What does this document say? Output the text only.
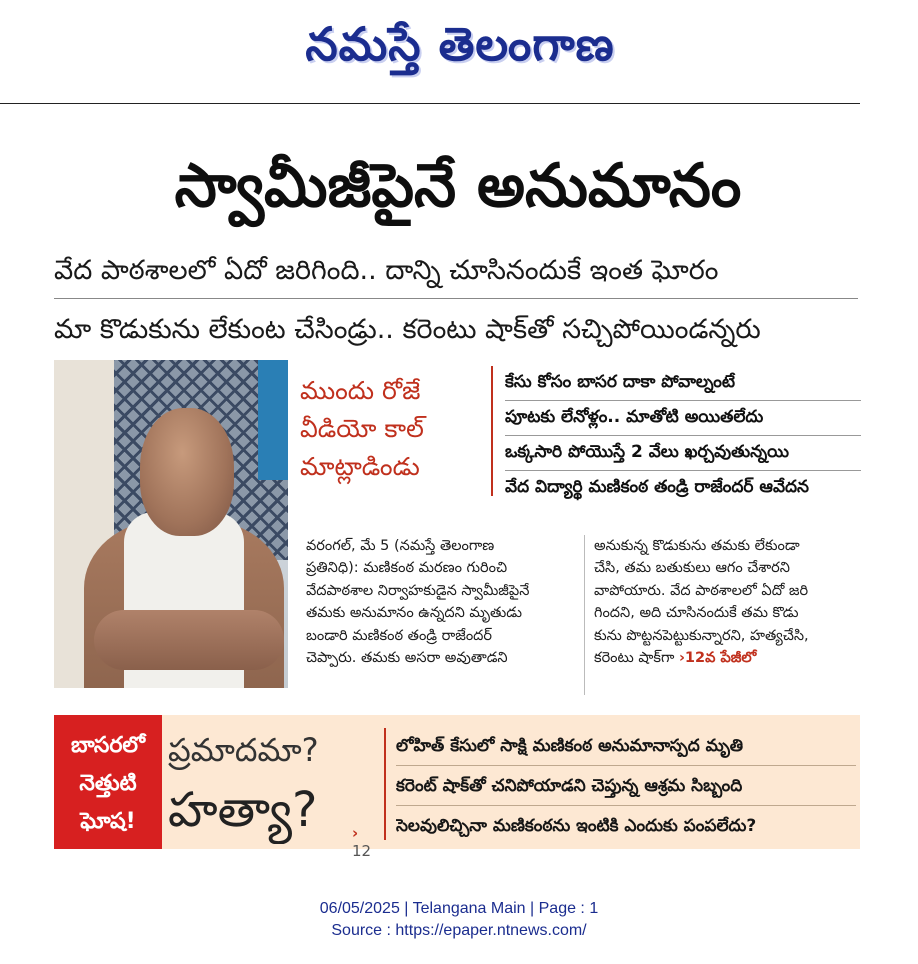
నమస్తే తెలంగాణ
స్వామీజీపైనే అనుమానం
వేద పాఠశాలలో ఏదో జరిగింది.. దాన్ని చూసినందుకే ఇంత ఘోరం
మా కొడుకును లేకుంట చేసిండ్రు.. కరెంటు షాక్‌తో సచ్చిపోయిండన్నరు
ముందు రోజే
వీడియో కాల్
మాట్లాడిండు
కేసు కోసం బాసర దాకా పోవాల్నంటే
పూటకు లేనోళ్లం.. మాతోటి అయితలేదు
ఒక్కసారి పోయొస్తే 2 వేలు ఖర్చవుతున్నయి
వేద విద్యార్థి మణికంఠ తండ్రి రాజేందర్ ఆవేదన
వరంగల్, మే 5 (నమస్తే తెలంగాణ
ప్రతినిధి): మణికంఠ మరణం గురించి
వేదపాఠశాల నిర్వాహకుడైన స్వామీజీపైనే
తమకు అనుమానం ఉన్నదని మృతుడు
బండారి మణికంఠ తండ్రి రాజేందర్
చెప్పారు. తమకు అసరా అవుతాడని
అనుకున్న కొడుకును తమకు లేకుండా
చేసి, తమ బతుకులు ఆగం చేశారని
వాపోయారు. వేద పాఠశాలలో ఏదో జరి
గిందని, అది చూసినందుకే తమ కొడు
కును పొట్టనపెట్టుకున్నారని, హత్యచేసి,
కరెంటు షాక్‌గా ›12వ పేజీలో
బాసరలో
నెత్తుటి
ఘోష!
ప్రమాదమా?
హత్యా?	› 12
లోహిత్ కేసులో సాక్షి మణికంఠ అనుమానాస్పద మృతి
కరెంట్ షాక్‌తో చనిపోయాడని చెప్తున్న ఆశ్రమ సిబ్బంది
సెలవులిచ్చినా మణికంఠను ఇంటికి ఎందుకు పంపలేదు?
06/05/2025 | Telangana Main | Page : 1
Source : https://epaper.ntnews.com/
